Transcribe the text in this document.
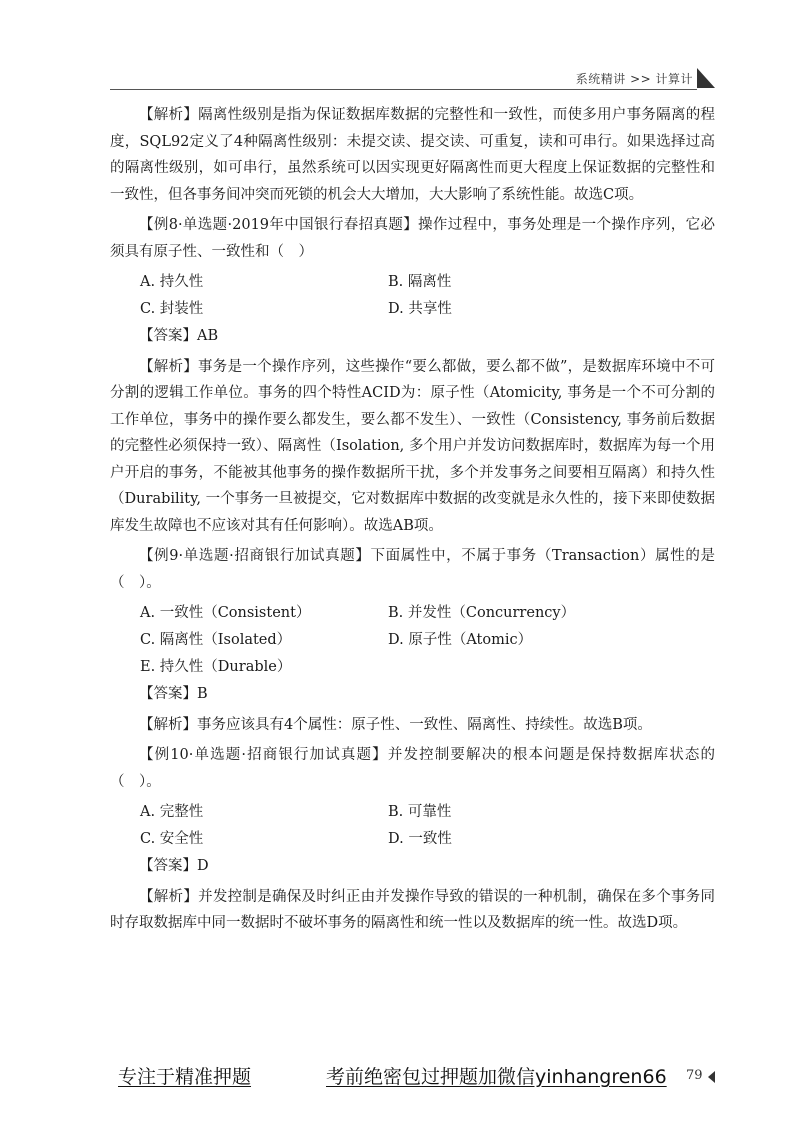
系统精讲 >> 计算计

【解析】隔离性级别是指为保证数据库数据的完整性和一致性，而使多用户事务隔离的程度，SQL92定义了4种隔离性级别：未提交读、提交读、可重复，读和可串行。如果选择过高的隔离性级别，如可串行，虽然系统可以因实现更好隔离性而更大程度上保证数据的完整性和一致性，但各事务间冲突而死锁的机会大大增加，大大影响了系统性能。故选C项。

【例8·单选题·2019年中国银行春招真题】操作过程中，事务处理是一个操作序列，它必须具有原子性、一致性和（　）

A. 持久性	B. 隔离性
C. 封装性	D. 共享性

【答案】AB

【解析】事务是一个操作序列，这些操作“要么都做，要么都不做”，是数据库环境中不可分割的逻辑工作单位。事务的四个特性ACID为：原子性（Atomicity, 事务是一个不可分割的工作单位，事务中的操作要么都发生，要么都不发生）、一致性（Consistency, 事务前后数据的完整性必须保持一致）、隔离性（Isolation, 多个用户并发访问数据库时，数据库为每一个用户开启的事务，不能被其他事务的操作数据所干扰，多个并发事务之间要相互隔离）和持久性（Durability, 一个事务一旦被提交，它对数据库中数据的改变就是永久性的，接下来即使数据库发生故障也不应该对其有任何影响）。故选AB项。

【例9·单选题·招商银行加试真题】下面属性中，不属于事务（Transaction）属性的是（　）。

A. 一致性（Consistent）	B. 并发性（Concurrency）
C. 隔离性（Isolated）	D. 原子性（Atomic）
E. 持久性（Durable）

【答案】B

【解析】事务应该具有4个属性：原子性、一致性、隔离性、持续性。故选B项。

【例10·单选题·招商银行加试真题】并发控制要解决的根本问题是保持数据库状态的（　）。

A. 完整性	B. 可靠性
C. 安全性	D. 一致性

【答案】D

【解析】并发控制是确保及时纠正由并发操作导致的错误的一种机制，确保在多个事务同时存取数据库中同一数据时不破坏事务的隔离性和统一性以及数据库的统一性。故选D项。

专注于精准押题	考前绝密包过押题加微信yinhangren66 79
